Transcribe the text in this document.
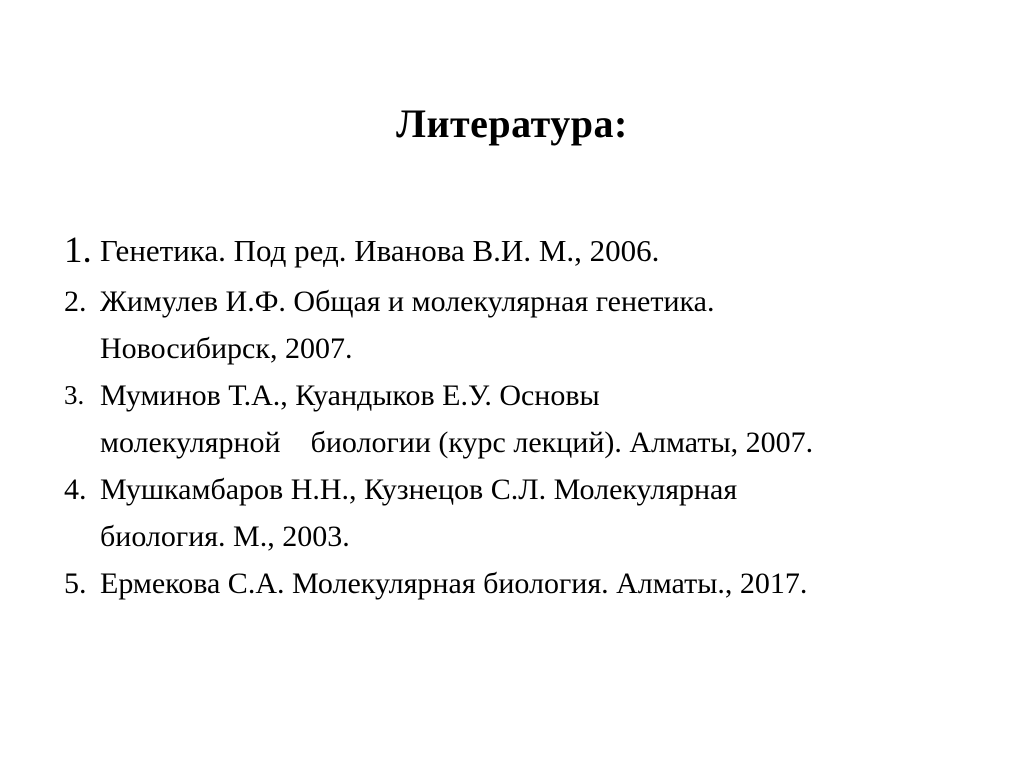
Литература:
1. Генетика. Под ред. Иванова В.И. М., 2006.
2. Жимулев И.Ф. Общая и молекулярная генетика.
Новосибирск, 2007.
3. Муминов Т.А., Куандыков Е.У. Основы
молекулярной биологии (курс лекций). Алматы, 2007.
4. Мушкамбаров Н.Н., Кузнецов С.Л. Молекулярная
биология. М., 2003.
5. Ермекова С.А. Молекулярная биология. Алматы., 2017.
